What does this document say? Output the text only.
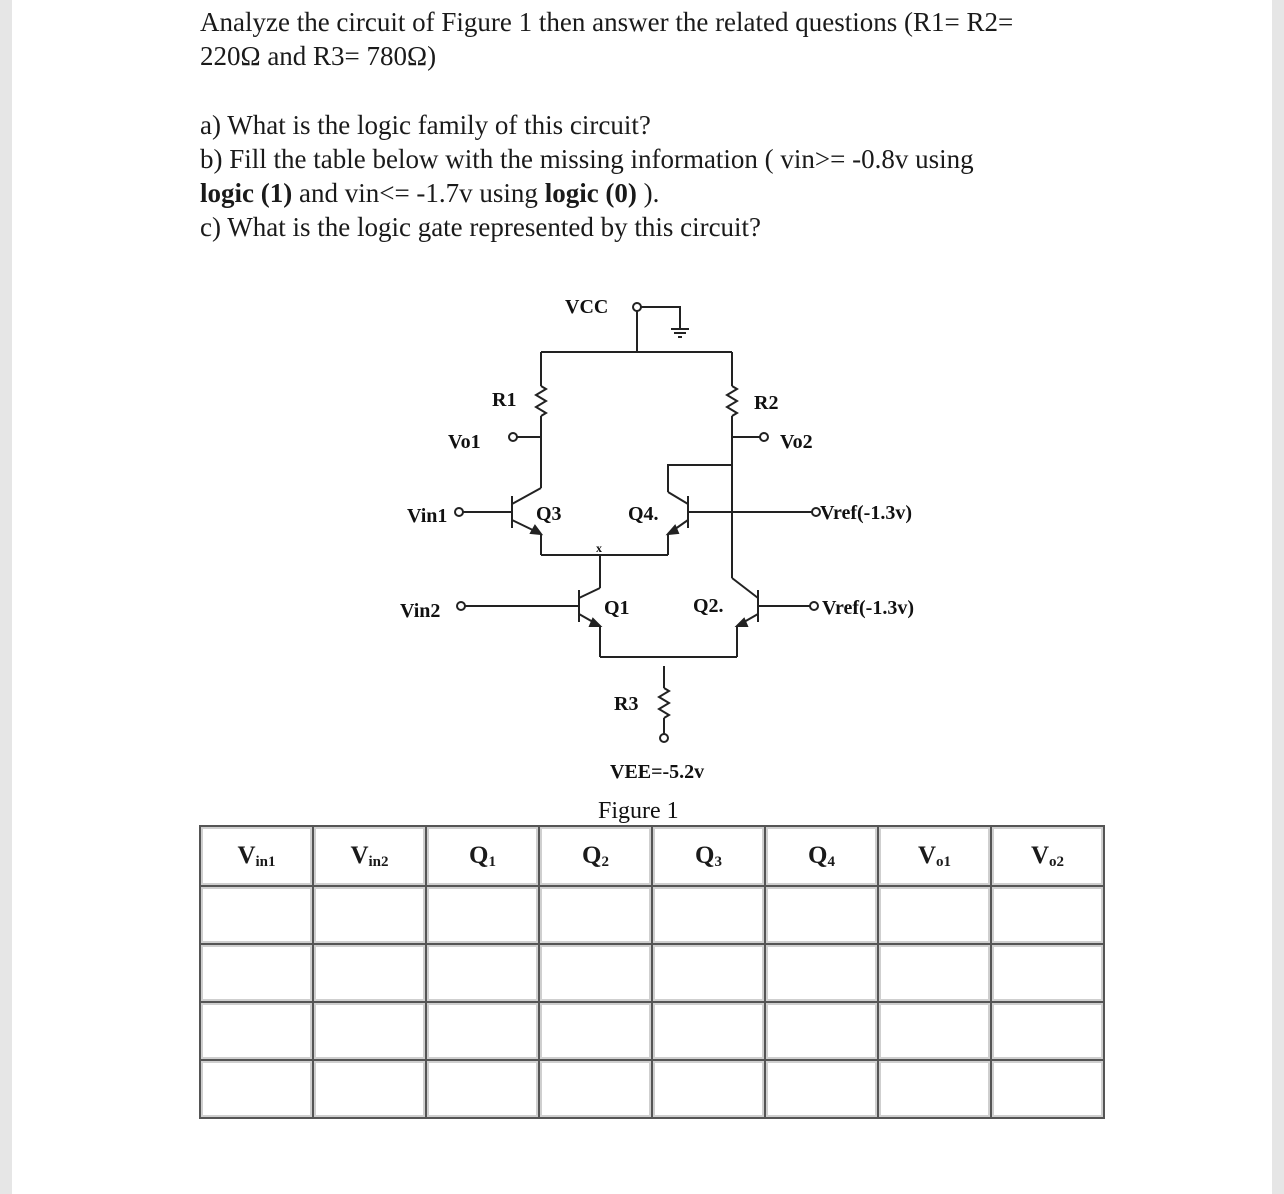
Analyze the circuit of Figure 1 then answer the related questions (R1= R2=
220Ω and R3= 780Ω)
a) What is the logic family of this circuit?
b) Fill the table below with the missing information ( vin>= -0.8v using
logic (1) and vin<= -1.7v using logic (0) ).
c) What is the logic gate represented by this circuit?
VCC
R1	R2
Vo1	Vo2
Vin1	Q3	Q4.
x
Vref(-1.3v)
Vin2	Q1	Q2.	Vref(-1.3v)
R3
VEE=-5.2v
Figure 1
$V_{in1}$	$V_{in2}$	$Q_1$	$Q_2$	$Q_3$	$Q_4$	$V_{o1}$	$V_{o2}$
